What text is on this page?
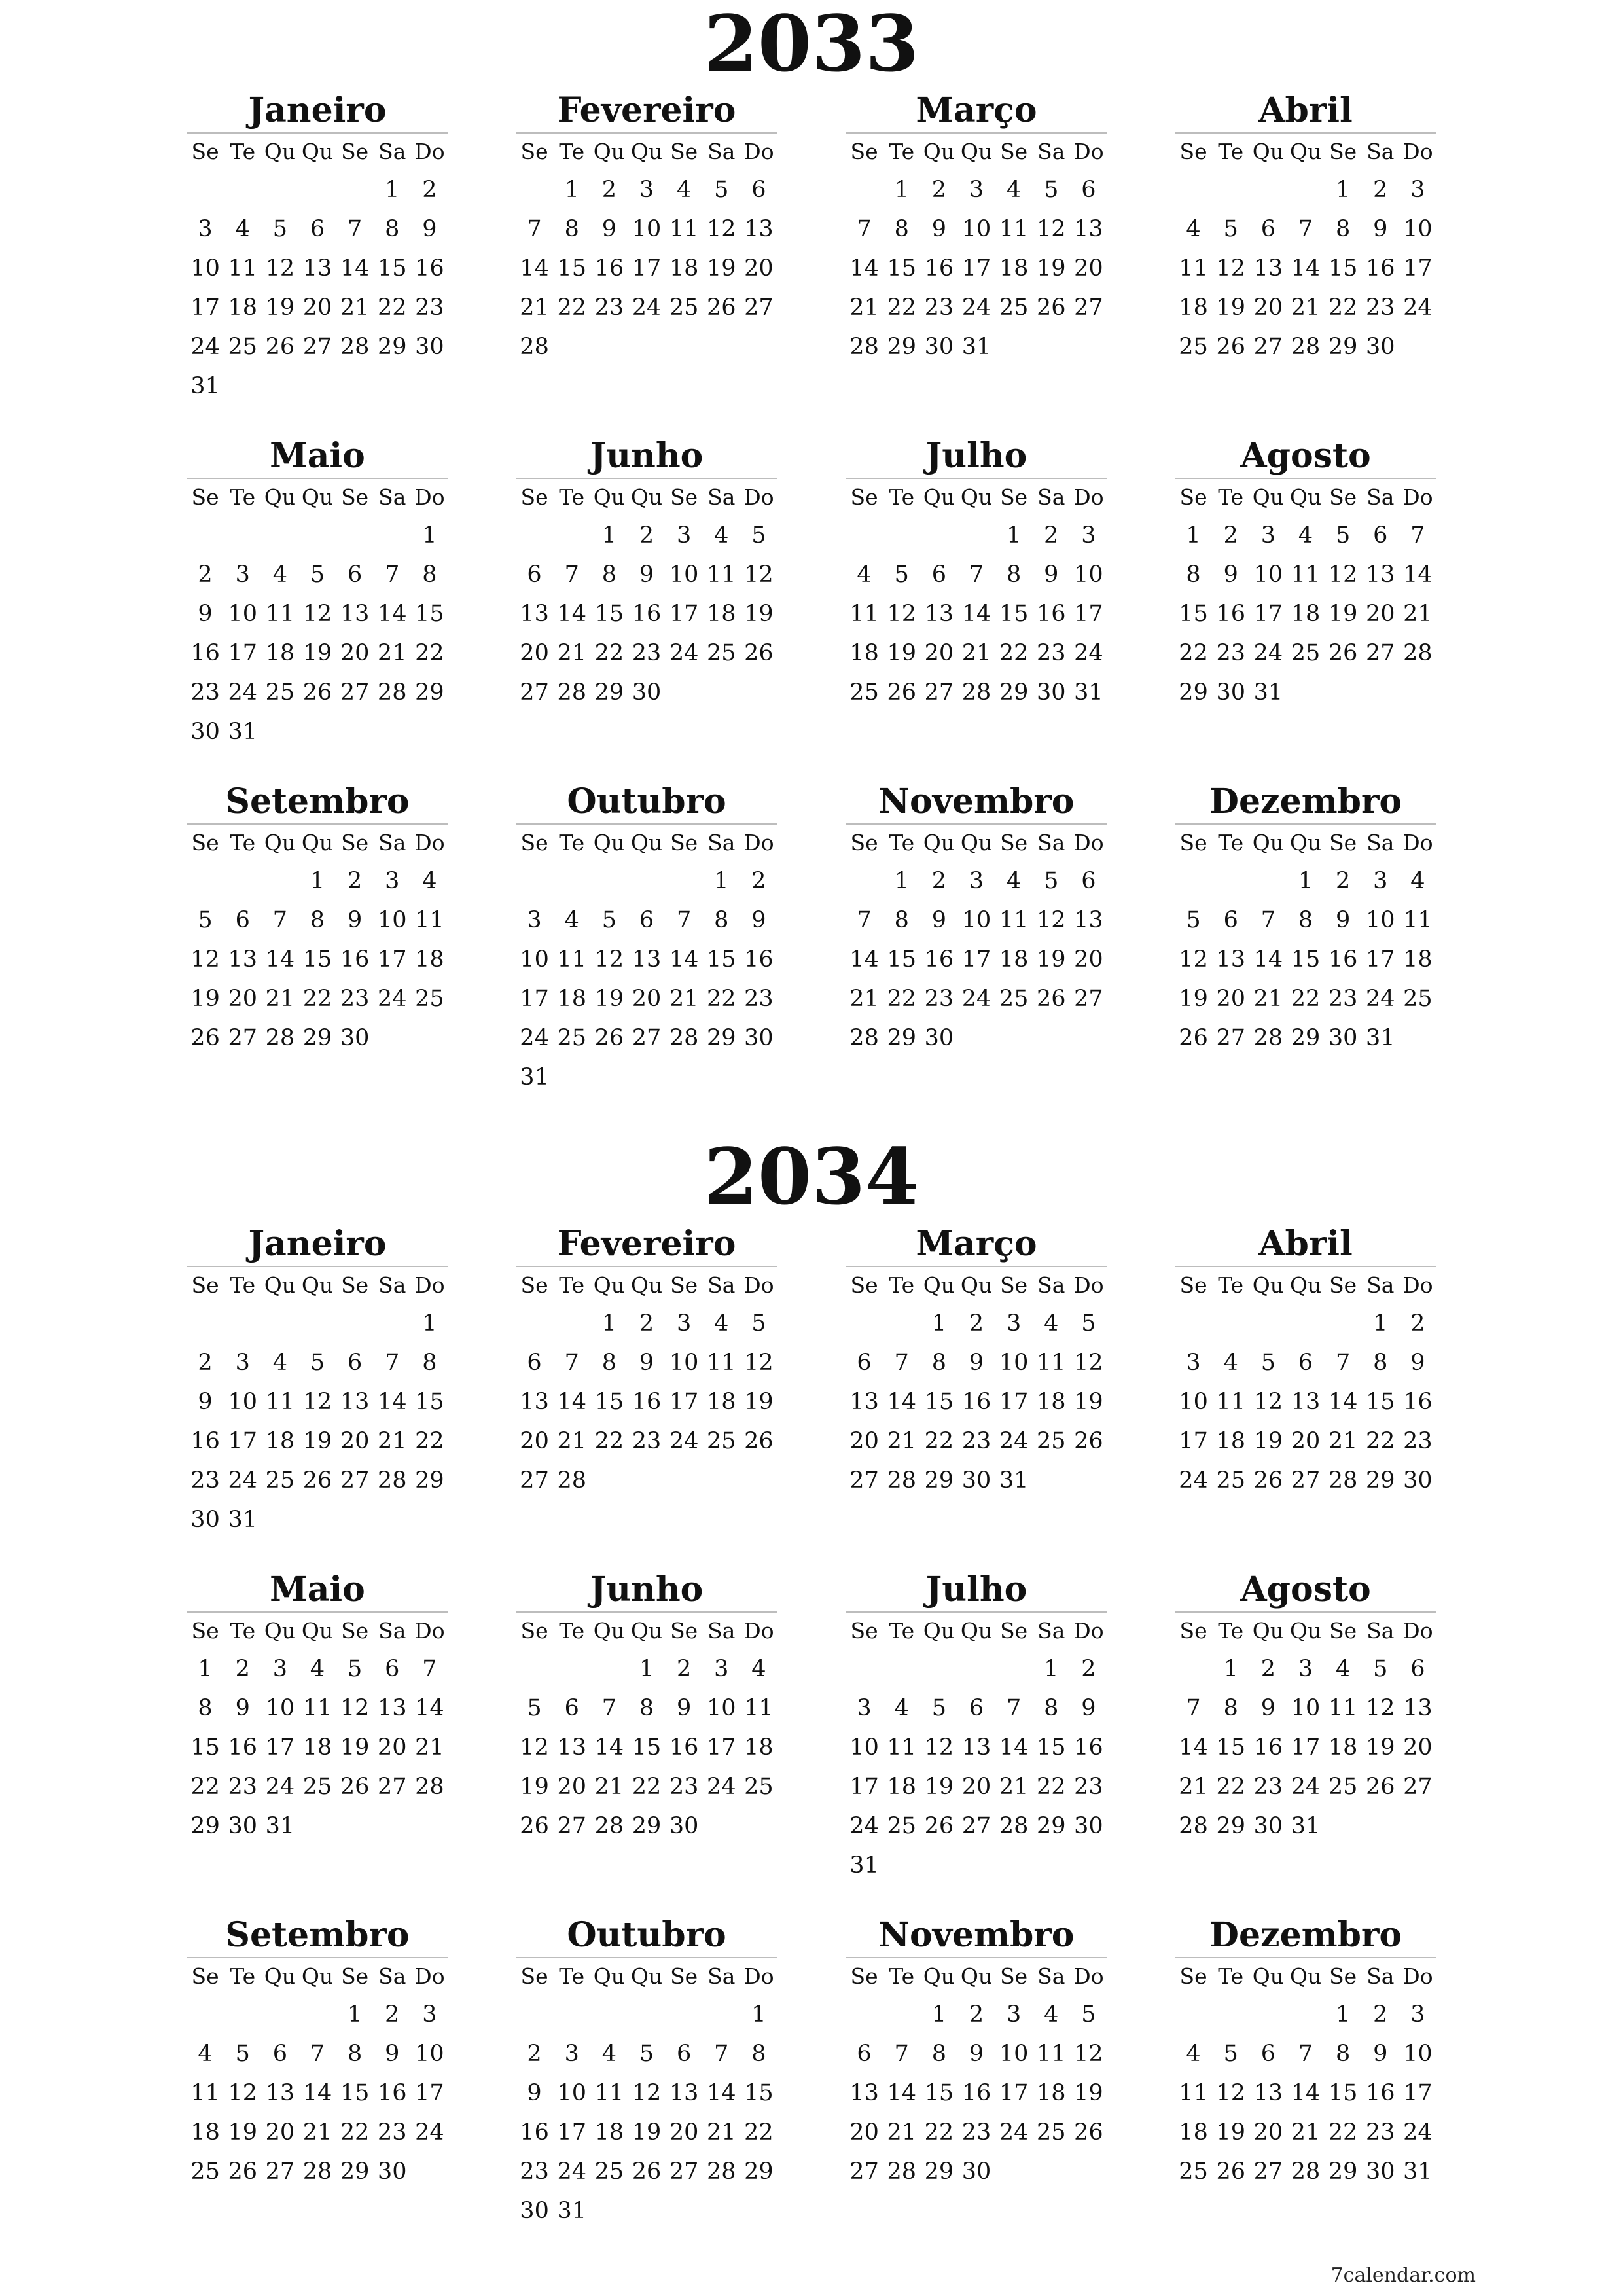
2033
Janeiro
Se Te Qu Qu Se Sa Do
1 2
3 4 5 6 7 8 9
10 11 12 13 14 15 16
17 18 19 20 21 22 23
24 25 26 27 28 29 30
31
Fevereiro
Se Te Qu Qu Se Sa Do
1 2 3 4 5 6
7 8 9 10 11 12 13
14 15 16 17 18 19 20
21 22 23 24 25 26 27
28
Março
Se Te Qu Qu Se Sa Do
1 2 3 4 5 6
7 8 9 10 11 12 13
14 15 16 17 18 19 20
21 22 23 24 25 26 27
28 29 30 31
Abril
Se Te Qu Qu Se Sa Do
1 2 3
4 5 6 7 8 9 10
11 12 13 14 15 16 17
18 19 20 21 22 23 24
25 26 27 28 29 30
Maio
Se Te Qu Qu Se Sa Do
1
2 3 4 5 6 7 8
9 10 11 12 13 14 15
16 17 18 19 20 21 22
23 24 25 26 27 28 29
30 31
Junho
Se Te Qu Qu Se Sa Do
1 2 3 4 5
6 7 8 9 10 11 12
13 14 15 16 17 18 19
20 21 22 23 24 25 26
27 28 29 30
Julho
Se Te Qu Qu Se Sa Do
1 2 3
4 5 6 7 8 9 10
11 12 13 14 15 16 17
18 19 20 21 22 23 24
25 26 27 28 29 30 31
Agosto
Se Te Qu Qu Se Sa Do
1 2 3 4 5 6 7
8 9 10 11 12 13 14
15 16 17 18 19 20 21
22 23 24 25 26 27 28
29 30 31
Setembro
Se Te Qu Qu Se Sa Do
1 2 3 4
5 6 7 8 9 10 11
12 13 14 15 16 17 18
19 20 21 22 23 24 25
26 27 28 29 30
Outubro
Se Te Qu Qu Se Sa Do
1 2
3 4 5 6 7 8 9
10 11 12 13 14 15 16
17 18 19 20 21 22 23
24 25 26 27 28 29 30
31
Novembro
Se Te Qu Qu Se Sa Do
1 2 3 4 5 6
7 8 9 10 11 12 13
14 15 16 17 18 19 20
21 22 23 24 25 26 27
28 29 30
Dezembro
Se Te Qu Qu Se Sa Do
1 2 3 4
5 6 7 8 9 10 11
12 13 14 15 16 17 18
19 20 21 22 23 24 25
26 27 28 29 30 31
2034
Janeiro
Se Te Qu Qu Se Sa Do
1
2 3 4 5 6 7 8
9 10 11 12 13 14 15
16 17 18 19 20 21 22
23 24 25 26 27 28 29
30 31
Fevereiro
Se Te Qu Qu Se Sa Do
1 2 3 4 5
6 7 8 9 10 11 12
13 14 15 16 17 18 19
20 21 22 23 24 25 26
27 28
Março
Se Te Qu Qu Se Sa Do
1 2 3 4 5
6 7 8 9 10 11 12
13 14 15 16 17 18 19
20 21 22 23 24 25 26
27 28 29 30 31
Abril
Se Te Qu Qu Se Sa Do
1 2
3 4 5 6 7 8 9
10 11 12 13 14 15 16
17 18 19 20 21 22 23
24 25 26 27 28 29 30
Maio
Se Te Qu Qu Se Sa Do
1 2 3 4 5 6 7
8 9 10 11 12 13 14
15 16 17 18 19 20 21
22 23 24 25 26 27 28
29 30 31
Junho
Se Te Qu Qu Se Sa Do
1 2 3 4
5 6 7 8 9 10 11
12 13 14 15 16 17 18
19 20 21 22 23 24 25
26 27 28 29 30
Julho
Se Te Qu Qu Se Sa Do
1 2
3 4 5 6 7 8 9
10 11 12 13 14 15 16
17 18 19 20 21 22 23
24 25 26 27 28 29 30
31
Agosto
Se Te Qu Qu Se Sa Do
1 2 3 4 5 6
7 8 9 10 11 12 13
14 15 16 17 18 19 20
21 22 23 24 25 26 27
28 29 30 31
Setembro
Se Te Qu Qu Se Sa Do
1 2 3
4 5 6 7 8 9 10
11 12 13 14 15 16 17
18 19 20 21 22 23 24
25 26 27 28 29 30
Outubro
Se Te Qu Qu Se Sa Do
1
2 3 4 5 6 7 8
9 10 11 12 13 14 15
16 17 18 19 20 21 22
23 24 25 26 27 28 29
30 31
Novembro
Se Te Qu Qu Se Sa Do
1 2 3 4 5
6 7 8 9 10 11 12
13 14 15 16 17 18 19
20 21 22 23 24 25 26
27 28 29 30
Dezembro
Se Te Qu Qu Se Sa Do
1 2 3
4 5 6 7 8 9 10
11 12 13 14 15 16 17
18 19 20 21 22 23 24
25 26 27 28 29 30 31
7calendar.com
